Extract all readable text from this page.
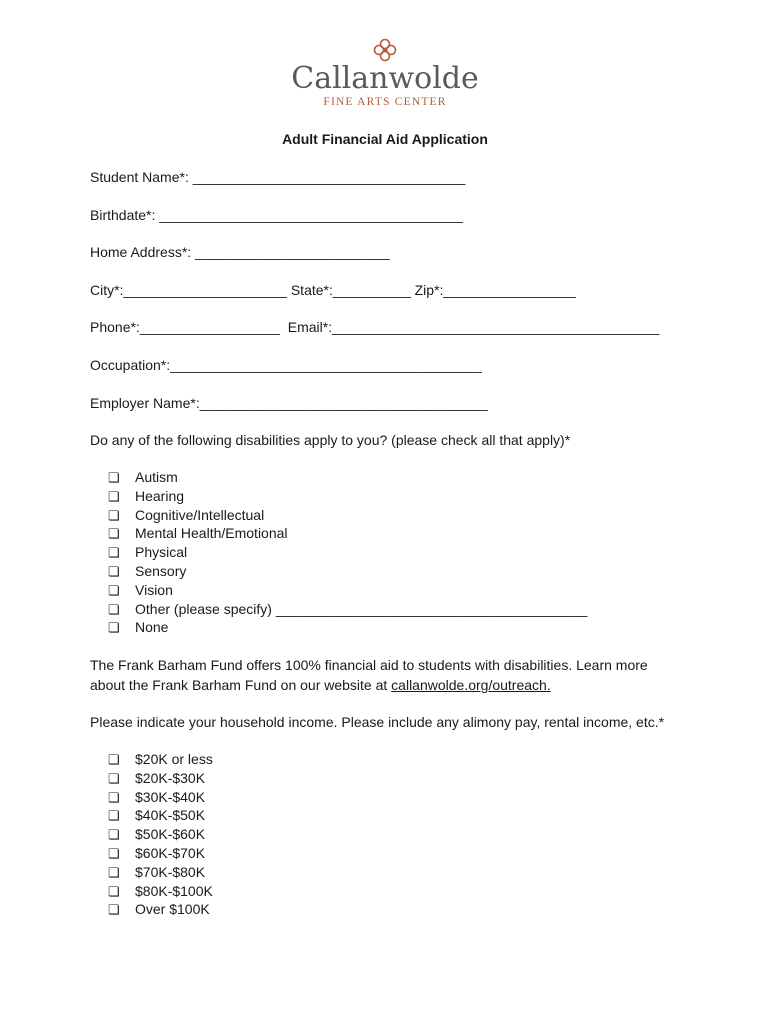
Callanwolde
FINE ARTS CENTER
Adult Financial Aid Application
Student Name*: ___________________________________
Birthdate*: _______________________________________
Home Address*: _________________________
City*:_____________________ State*:__________ Zip*:_________________
Phone*:__________________  Email*:__________________________________________
Occupation*:________________________________________
Employer Name*:_____________________________________
Do any of the following disabilities apply to you? (please check all that apply)*
❏ Autism
❏ Hearing
❏ Cognitive/Intellectual
❏ Mental Health/Emotional
❏ Physical
❏ Sensory
❏ Vision
❏ Other (please specify) ________________________________________
❏ None
The Frank Barham Fund offers 100% financial aid to students with disabilities. Learn more
about the Frank Barham Fund on our website at callanwolde.org/outreach.
Please indicate your household income. Please include any alimony pay, rental income, etc.*
❏ $20K or less
❏ $20K-$30K
❏ $30K-$40K
❏ $40K-$50K
❏ $50K-$60K
❏ $60K-$70K
❏ $70K-$80K
❏ $80K-$100K
❏ Over $100K
